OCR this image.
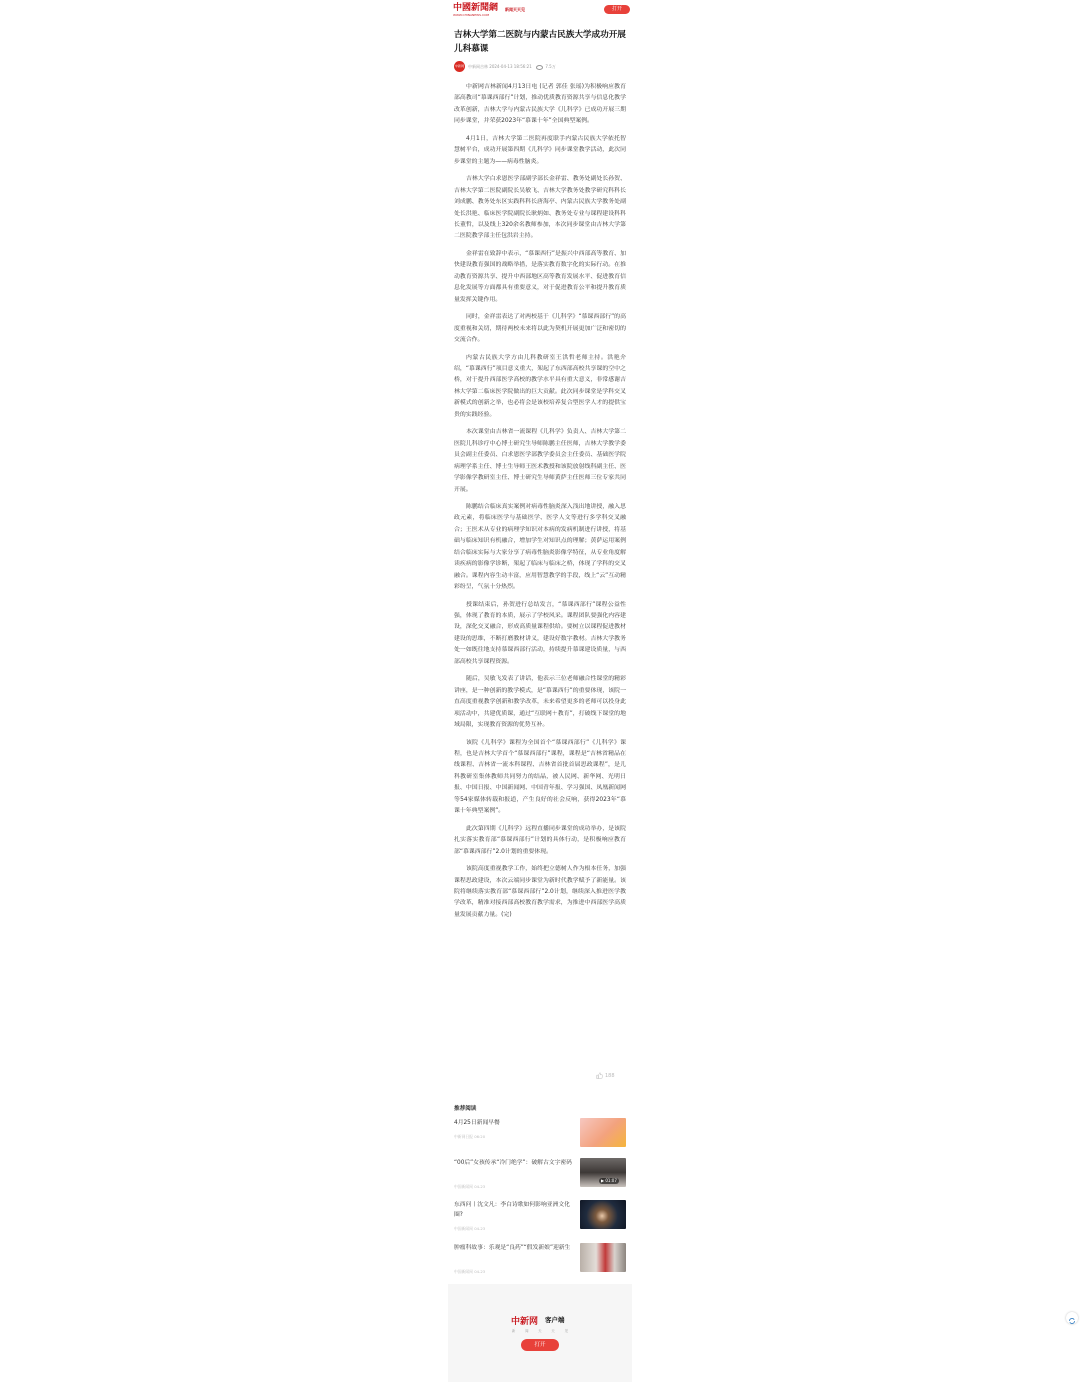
中國新聞網
WWW.CHINANEWS.COM
新闻天天见	打开
吉林大学第二医院与内蒙古民族大学成功开展儿科慕课
中新网吉林
中新网吉林 2024-04-13 18:56:21	7.5万

中新网吉林新闻4月13日电 (记者 郭佳 张瑶)为积极响应教育部高教司“慕课西部行”计划，推动优质教育资源共享与信息化教学改革创新，吉林大学与内蒙古民族大学《儿科学》已成功开展三期同步课堂，并荣获2023年“慕课十年”全国典型案例。

4月1日，吉林大学第二医院再度联手内蒙古民族大学依托智慧树平台，成功开展第四期《儿科学》同步课堂教学活动，此次同步课堂的主题为——病毒性脑炎。

吉林大学白求恩医学部副学部长金祥雷、教务处副处长孙贺、吉林大学第二医院副院长吴敏飞、吉林大学教务处教学研究科科长刘成鹏、教务处东区实践科科长唐海亭、内蒙古民族大学教务处副处长洪艳、临床医学院副院长耿炳如、教务处专业与课程建设科科长董哲，以及线上320余名教师参加，本次同步课堂由吉林大学第二医院教学部主任包洪岩主持。

金祥雷在致辞中表示，“慕课西行”是振兴中西部高等教育、加快建设教育强国的战略举措，是落实教育数字化的实际行动。在推动教育资源共享、提升中西部地区高等教育发展水平、促进教育信息化发展等方面都具有重要意义，对于促进教育公平和提升教育质量发挥关键作用。

同时，金祥雷表达了对两校基于《儿科学》“慕课西部行”的高度重视和关切，期待两校未来将以此为契机开展更加广泛和密切的交流合作。

内蒙古民族大学方由儿科教研室王洪哲老师主持。洪艳介绍，“慕课西行”项目意义重大，架起了东西部高校共享课的空中之桥，对于提升西部医学高校的教学水平具有重大意义，非常感谢吉林大学第二临床医学院做出的巨大贡献。此次同步课堂是学科交叉新模式的创新之举，也必将会是该校培养复合型医学人才的提供宝贵的实践经验。

本次课堂由吉林省一流课程《儿科学》负责人、吉林大学第二医院儿科诊疗中心博士研究生导师陈鹏主任医师，吉林大学教学委员会副主任委员、白求恩医学部教学委员会主任委员、基础医学院病理学系主任、博士生导师王医术教授和该院放射线科副主任、医学影像学教研室主任、博士研究生导师黄萨主任医师三位专家共同开展。

陈鹏结合临床真实案例对病毒性脑炎深入浅出地讲授，融入思政元素，将临床医学与基础医学、医学人文等进行多学科交叉融合；王医术从专业的病理学知识对本病的发病机制进行讲授，将基础与临床知识有机融合，增加学生对知识点的理解；黄萨运用案例结合临床实际与大家分享了病毒性脑炎影像学特征，从专业角度解读疾病的影像学诊断，架起了临床与临床之桥，体现了学科的交叉融合。课程内容生动丰富，应用智慧教学的手段，线上“云”互动精彩纷呈，气氛十分热烈。

授课结束后，孙贺进行总结发言，“慕课西部行”课程公益性强，体现了教育的本质，展示了学校风采。课程团队要强化内容建设，深化交叉融合，形成高质量课程供给。要树立以课程促进教材建设的思维，不断打磨教材讲义，建设好数字教材。吉林大学教务处一如既往地支持慕课西部行活动，持续提升慕课建设质量，与西部高校共享课程资源。

随后，吴敏飞发表了讲话，他表示三位老师融合性课堂的精彩讲座，是一种创新的教学模式，是“慕课西行”的重要体现，该院一直高度重视教学创新和教学改革，未来希望更多的老师可以投身此项活动中，共建优质课，通过“互联网＋教育”，打破线下课堂的地域局限，实现教育资源的优势互补。

该院《儿科学》课程为全国首个“慕课西部行”《儿科学》课程，也是吉林大学首个“慕课西部行”课程，课程是“吉林省精品在线课程、吉林省一流本科课程、吉林省首批首届思政课程”，是儿科教研室集体教师共同努力的结晶，被人民网、新华网、光明日报、中国日报、中国新闻网、中国青年报、学习强国、凤凰新闻网等54家媒体转载和报道，产生良好的社会反响，获得2023年“慕课十年典型案例”。

此次第四期《儿科学》远程直播同步课堂的成功举办，是该院扎实落实教育部“慕课西部行”计划的具体行动，是积极响应教育部“慕课西部行”2.0计划的重要体现。

该院高度重视教学工作，始终把立德树人作为根本任务，加强课程思政建设，本次云端同步课堂为新时代教学赋予了新能量。该院将继续落实教育部“慕课西部行”2.0计划，继续深入推进医学教学改革，精准对接西部高校教育教学需求，为推进中西部医学高质量发展贡献力量。(完)

188
推荐阅读
4月25日新闻早餐
中新网日报 06:20
“00后”女孩传承“冷门绝学”：破解古文字密码
中国新闻网 04-23
▶ 01:07
东西问丨沈文凡：李白诗歌如何影响亚洲文化圈?
中国新闻网 04-23
肿瘤科故事：乐观是“良药”“假发新娘”迎新生
中国新闻网 04-23
中新网 客户端
新 闻 天 天 见
打开
